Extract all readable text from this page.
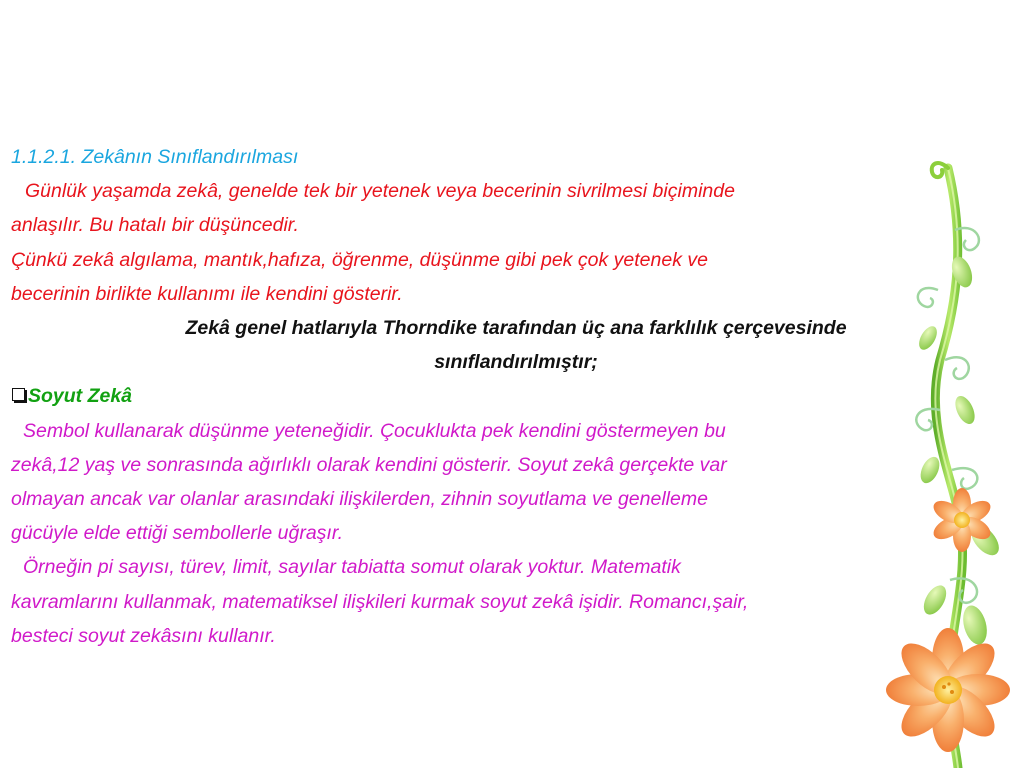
1.1.2.1. Zekânın Sınıflandırılması

Günlük yaşamda zekâ, genelde tek bir yetenek veya becerinin sivrilmesi biçiminde

anlaşılır. Bu hatalı bir düşüncedir.

Çünkü zekâ algılama, mantık,hafıza, öğrenme, düşünme gibi pek çok yetenek ve

becerinin birlikte kullanımı ile kendini gösterir.

Zekâ genel hatlarıyla Thorndike tarafından üç ana farklılık çerçevesinde
sınıflandırılmıştır;

Soyut Zekâ

Sembol kullanarak düşünme yeteneğidir. Çocuklukta pek kendini göstermeyen bu

zekâ,12 yaş ve sonrasında ağırlıklı olarak kendini gösterir. Soyut zekâ gerçekte var

olmayan ancak var olanlar arasındaki ilişkilerden, zihnin soyutlama ve genelleme

gücüyle elde ettiği sembollerle uğraşır.

Örneğin pi sayısı, türev, limit, sayılar tabiatta somut olarak yoktur. Matematik

kavramlarını kullanmak, matematiksel ilişkileri kurmak soyut zekâ işidir. Romancı,şair,

besteci soyut zekâsını kullanır.
